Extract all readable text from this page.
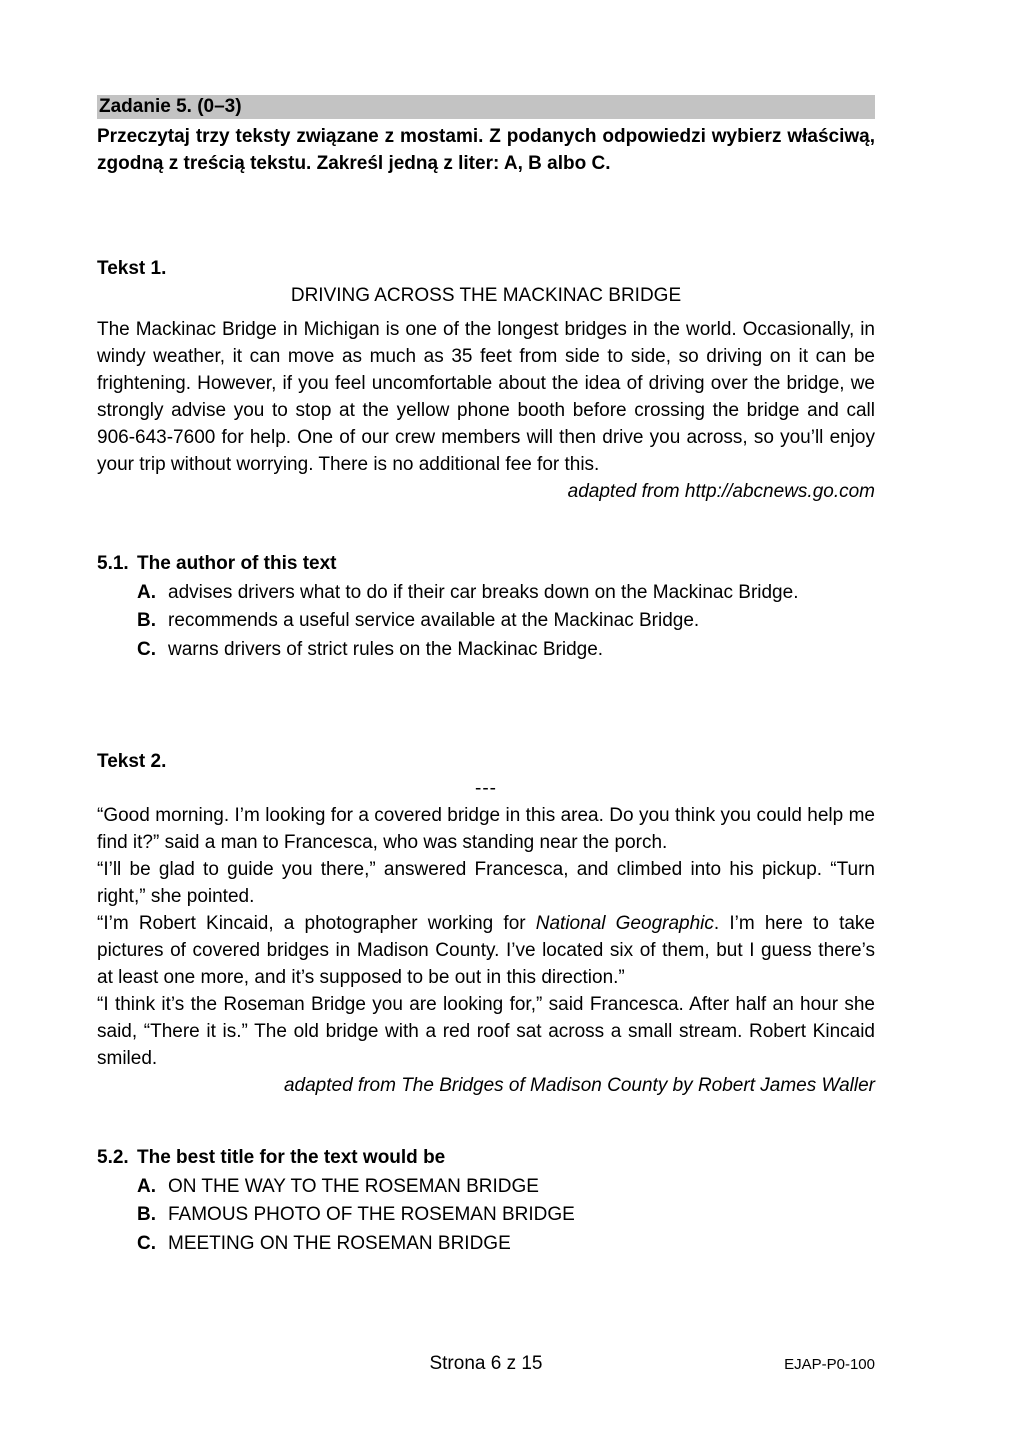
Zadanie 5. (0–3)

Przeczytaj trzy teksty związane z mostami. Z podanych odpowiedzi wybierz właściwą, zgodną z treścią tekstu. Zakreśl jedną z liter: A, B albo C.

Tekst 1.

DRIVING ACROSS THE MACKINAC BRIDGE

The Mackinac Bridge in Michigan is one of the longest bridges in the world. Occasionally, in windy weather, it can move as much as 35 feet from side to side, so driving on it can be frightening. However, if you feel uncomfortable about the idea of driving over the bridge, we strongly advise you to stop at the yellow phone booth before crossing the bridge and call 906-643-7600 for help. One of our crew members will then drive you across, so you’ll enjoy your trip without worrying. There is no additional fee for this.

adapted from http://abcnews.go.com

5.1. The author of this text
A. advises drivers what to do if their car breaks down on the Mackinac Bridge.
B. recommends a useful service available at the Mackinac Bridge.
C. warns drivers of strict rules on the Mackinac Bridge.

Tekst 2.

---

“Good morning. I’m looking for a covered bridge in this area. Do you think you could help me find it?” said a man to Francesca, who was standing near the porch.

“I’ll be glad to guide you there,” answered Francesca, and climbed into his pickup. “Turn right,” she pointed.

“I’m Robert Kincaid, a photographer working for National Geographic. I’m here to take pictures of covered bridges in Madison County. I’ve located six of them, but I guess there’s at least one more, and it’s supposed to be out in this direction.”

“I think it’s the Roseman Bridge you are looking for,” said Francesca. After half an hour she said, “There it is.” The old bridge with a red roof sat across a small stream. Robert Kincaid smiled.

adapted from The Bridges of Madison County by Robert James Waller

5.2. The best title for the text would be
A. ON THE WAY TO THE ROSEMAN BRIDGE
B. FAMOUS PHOTO OF THE ROSEMAN BRIDGE
C. MEETING ON THE ROSEMAN BRIDGE
Strona 6 z 15	EJAP-P0-100
